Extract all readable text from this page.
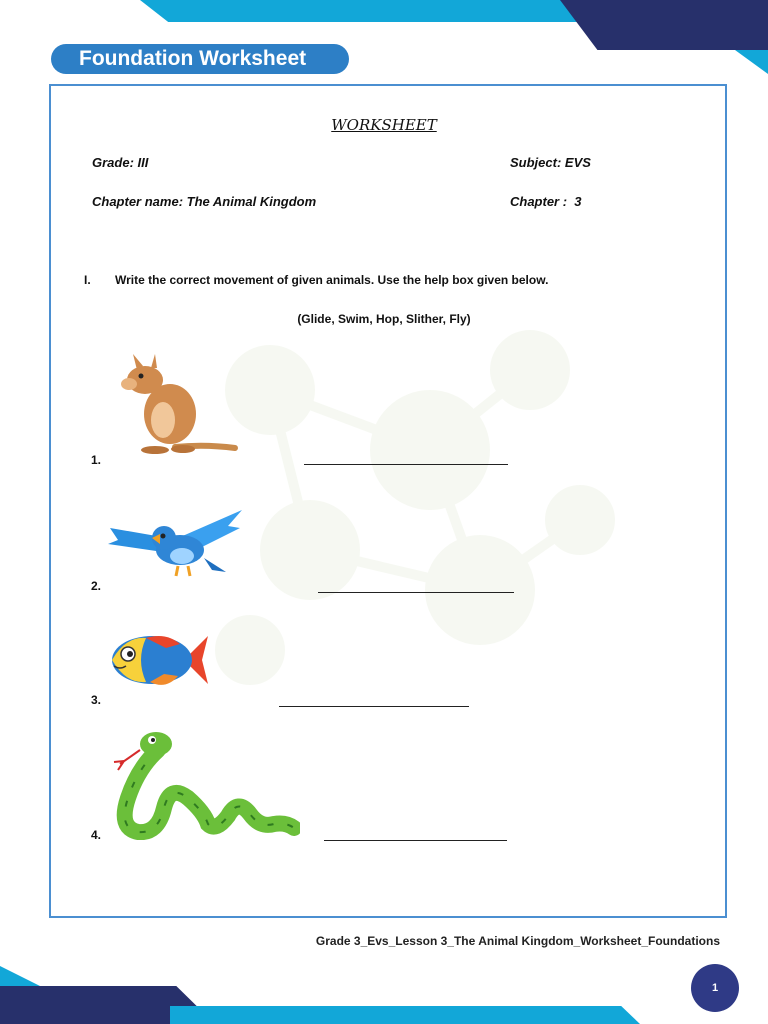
Foundation Worksheet
WORKSHEET
Grade: III	Subject: EVS
Chapter name: The Animal Kingdom	Chapter :  3
I. Write the correct movement of given animals. Use the help box given below.
(Glide, Swim, Hop, Slither, Fly)
1.
2.
3.
4.
Grade 3_Evs_Lesson 3_The Animal Kingdom_Worksheet_Foundations
1
